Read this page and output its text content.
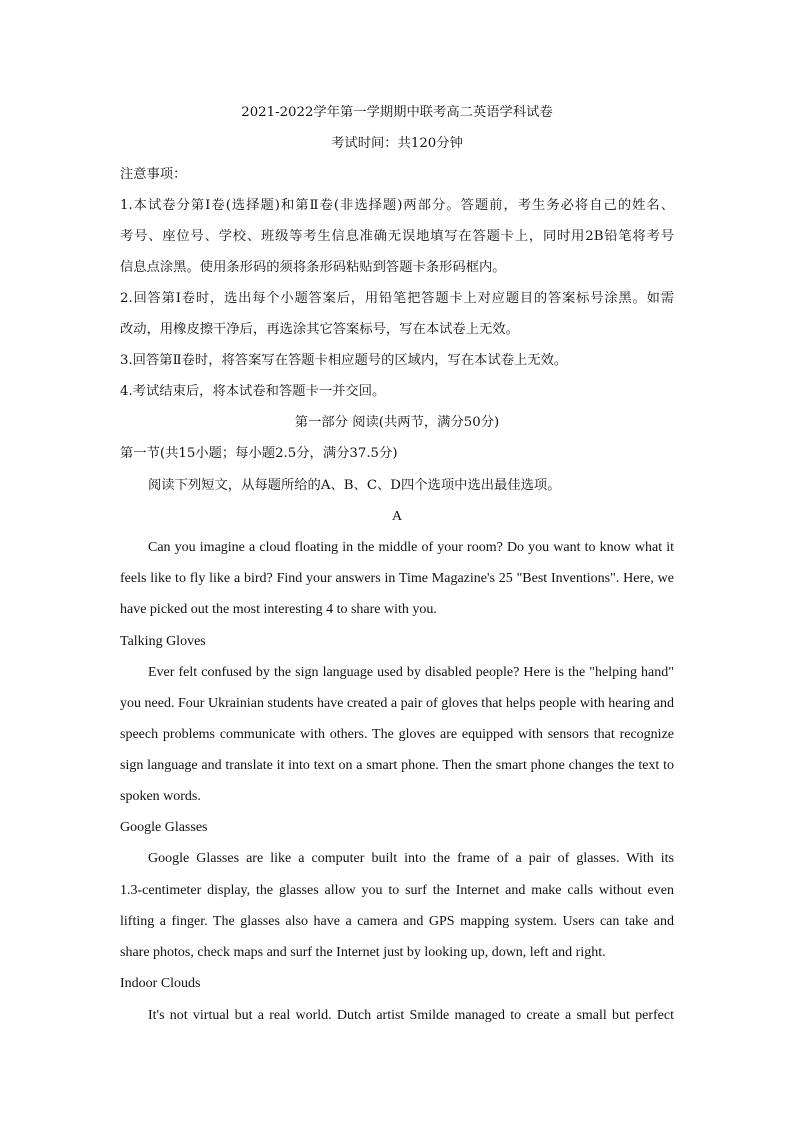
2021-2022学年第一学期期中联考高二英语学科试卷
考试时间：共120分钟
注意事项：
1.本试卷分第Ⅰ卷(选择题)和第Ⅱ卷(非选择题)两部分。答题前，考生务必将自己的姓名、
考号、座位号、学校、班级等考生信息准确无误地填写在答题卡上，同时用2B铅笔将考号
信息点涂黑。使用条形码的须将条形码粘贴到答题卡条形码框内。
2.回答第Ⅰ卷时，选出每个小题答案后，用铅笔把答题卡上对应题目的答案标号涂黑。如需
改动，用橡皮擦干净后，再选涂其它答案标号，写在本试卷上无效。
3.回答第Ⅱ卷时，将答案写在答题卡相应题号的区域内，写在本试卷上无效。
4.考试结束后，将本试卷和答题卡一并交回。
第一部分 阅读(共两节，满分50分)
第一节(共15小题；每小题2.5分，满分37.5分)
阅读下列短文，从每题所给的A、B、C、D四个选项中选出最佳选项。
A
Can you imagine a cloud floating in the middle of your room? Do you want to know what it
feels like to fly like a bird? Find your answers in Time Magazine's 25 "Best Inventions". Here, we
have picked out the most interesting 4 to share with you.
Talking Gloves
Ever felt confused by the sign language used by disabled people? Here is the "helping hand"
you need. Four Ukrainian students have created a pair of gloves that helps people with hearing and
speech problems communicate with others. The gloves are equipped with sensors that recognize
sign language and translate it into text on a smart phone. Then the smart phone changes the text to
spoken words.
Google Glasses
Google Glasses are like a computer built into the frame of a pair of glasses. With its
1.3-centimeter display, the glasses allow you to surf the Internet and make calls without even
lifting a finger. The glasses also have a camera and GPS mapping system. Users can take and
share photos, check maps and surf the Internet just by looking up, down, left and right.
Indoor Clouds
It's not virtual but a real world. Dutch artist Smilde managed to create a small but perfect
